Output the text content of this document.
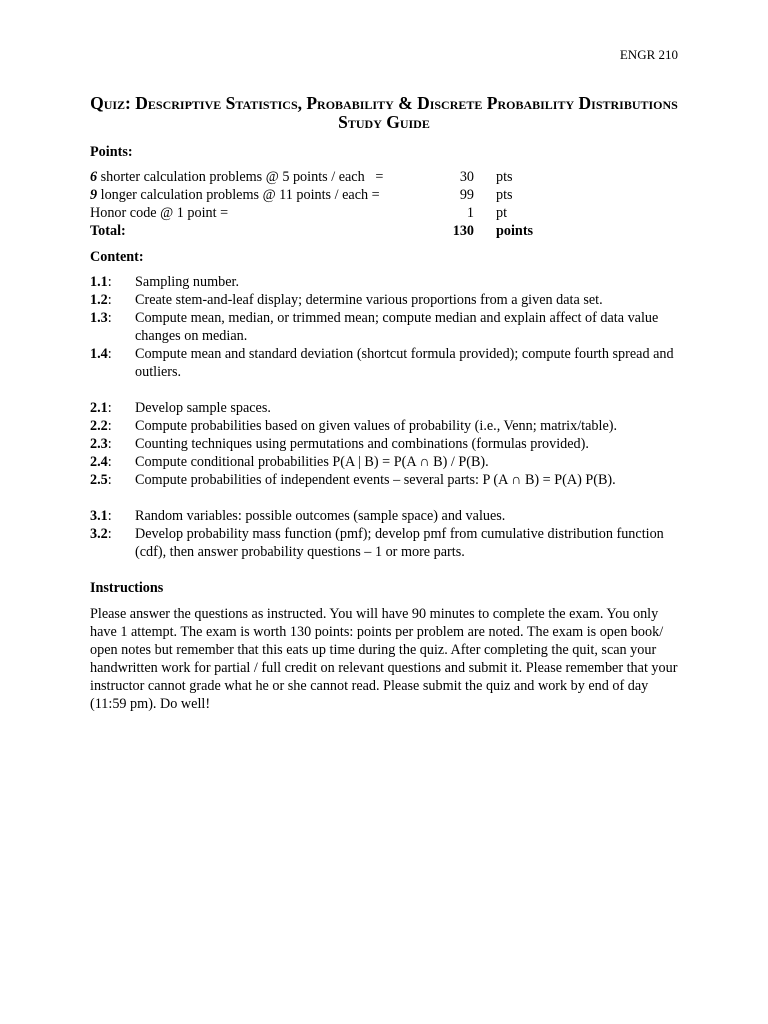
ENGR 210
Quiz: Descriptive Statistics, Probability & Discrete Probability Distributions Study Guide
Points:
6 shorter calculation problems @ 5 points / each   =	30 pts
9 longer calculation problems @ 11 points / each =	99 pts
Honor code @ 1 point =	1 pt
Total:	130 points
Content:
1.1: Sampling number.
1.2: Create stem-and-leaf display; determine various proportions from a given data set.
1.3: Compute mean, median, or trimmed mean; compute median and explain affect of data value changes on median.
1.4: Compute mean and standard deviation (shortcut formula provided); compute fourth spread and outliers.
2.1: Develop sample spaces.
2.2: Compute probabilities based on given values of probability (i.e., Venn; matrix/table).
2.3: Counting techniques using permutations and combinations (formulas provided).
2.4: Compute conditional probabilities P(A | B) = P(A ∩ B) / P(B).
2.5: Compute probabilities of independent events – several parts: P (A ∩ B) = P(A) P(B).
3.1: Random variables: possible outcomes (sample space) and values.
3.2: Develop probability mass function (pmf); develop pmf from cumulative distribution function (cdf), then answer probability questions – 1 or more parts.
Instructions
Please answer the questions as instructed. You will have 90 minutes to complete the exam. You only have 1 attempt. The exam is worth 130 points: points per problem are noted. The exam is open book/ open notes but remember that this eats up time during the quiz. After completing the quit, scan your handwritten work for partial / full credit on relevant questions and submit it. Please remember that your instructor cannot grade what he or she cannot read. Please submit the quiz and work by end of day (11:59 pm). Do well!
